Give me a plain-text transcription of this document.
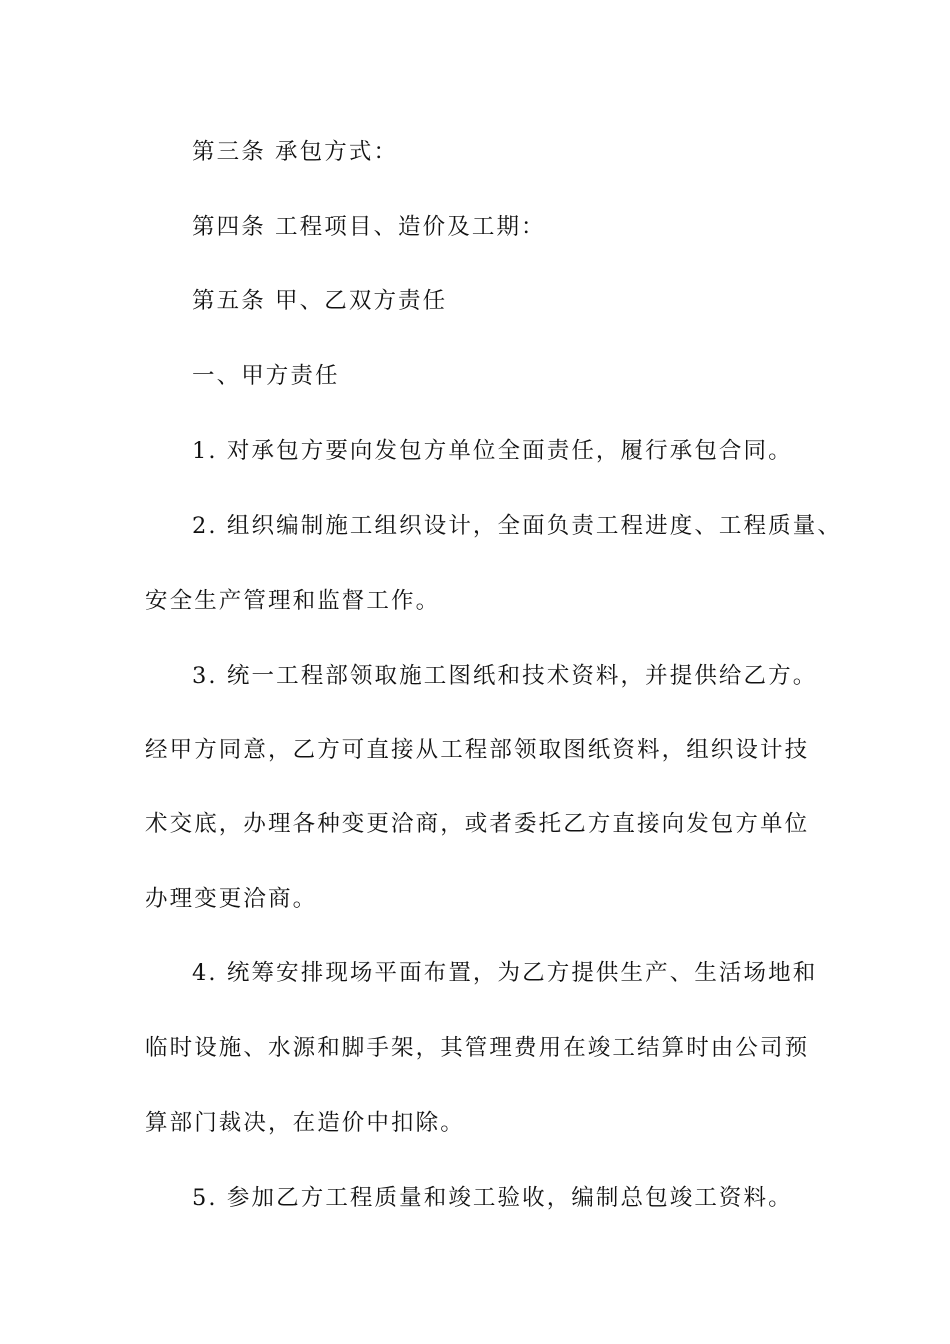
第三条 承包方式：
第四条 工程项目、造价及工期：
第五条 甲、乙双方责任
一、甲方责任
1. 对承包方要向发包方单位全面责任，履行承包合同。
2. 组织编制施工组织设计，全面负责工程进度、工程质量、
安全生产管理和监督工作。
3. 统一工程部领取施工图纸和技术资料，并提供给乙方。
经甲方同意，乙方可直接从工程部领取图纸资料，组织设计技
术交底，办理各种变更洽商，或者委托乙方直接向发包方单位
办理变更洽商。
4. 统筹安排现场平面布置，为乙方提供生产、生活场地和
临时设施、水源和脚手架，其管理费用在竣工结算时由公司预
算部门裁决，在造价中扣除。
5. 参加乙方工程质量和竣工验收，编制总包竣工资料。
